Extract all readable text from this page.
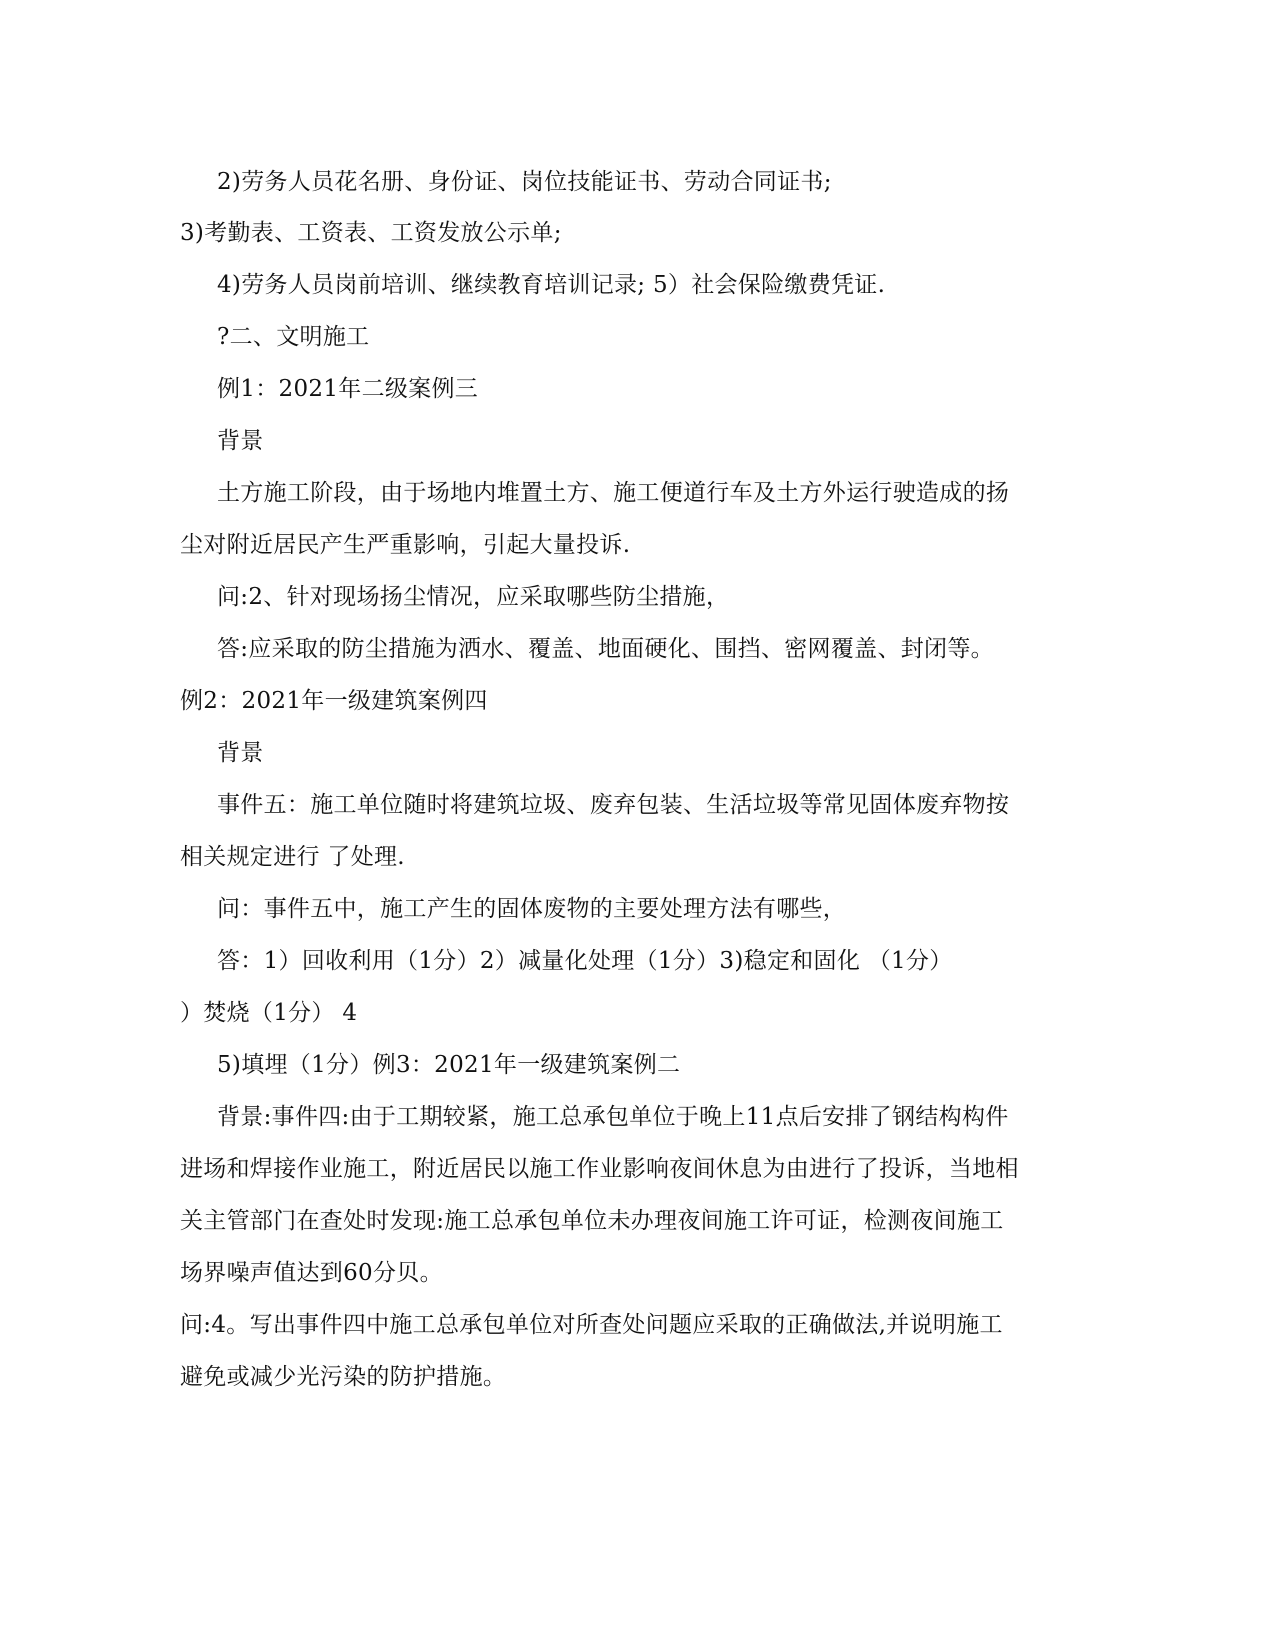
2)劳务人员花名册、身份证、岗位技能证书、劳动合同证书;
3)考勤表、工资表、工资发放公示单;
4)劳务人员岗前培训、继续教育培训记录; 5）社会保险缴费凭证.
?二、文明施工
例1：2021年二级案例三
背景
土方施工阶段，由于场地内堆置土方、施工便道行车及土方外运行驶造成的扬
尘对附近居民产生严重影响，引起大量投诉.
问:2、针对现场扬尘情况，应采取哪些防尘措施，
答:应采取的防尘措施为洒水、覆盖、地面硬化、围挡、密网覆盖、封闭等。
例2：2021年一级建筑案例四
背景
事件五：施工单位随时将建筑垃圾、废弃包装、生活垃圾等常见固体废弃物按
相关规定进行 了处理.
问：事件五中，施工产生的固体废物的主要处理方法有哪些，
答：1）回收利用（1分）2）减量化处理（1分）3)稳定和固化 （1分）
）焚烧（1分） 4
5)填埋（1分）例3：2021年一级建筑案例二
背景:事件四:由于工期较紧，施工总承包单位于晚上11点后安排了钢结构构件
进场和焊接作业施工，附近居民以施工作业影响夜间休息为由进行了投诉，当地相
关主管部门在查处时发现:施工总承包单位未办理夜间施工许可证，检测夜间施工
场界噪声值达到60分贝。
问:4。写出事件四中施工总承包单位对所查处问题应采取的正确做法,并说明施工
避免或减少光污染的防护措施。
